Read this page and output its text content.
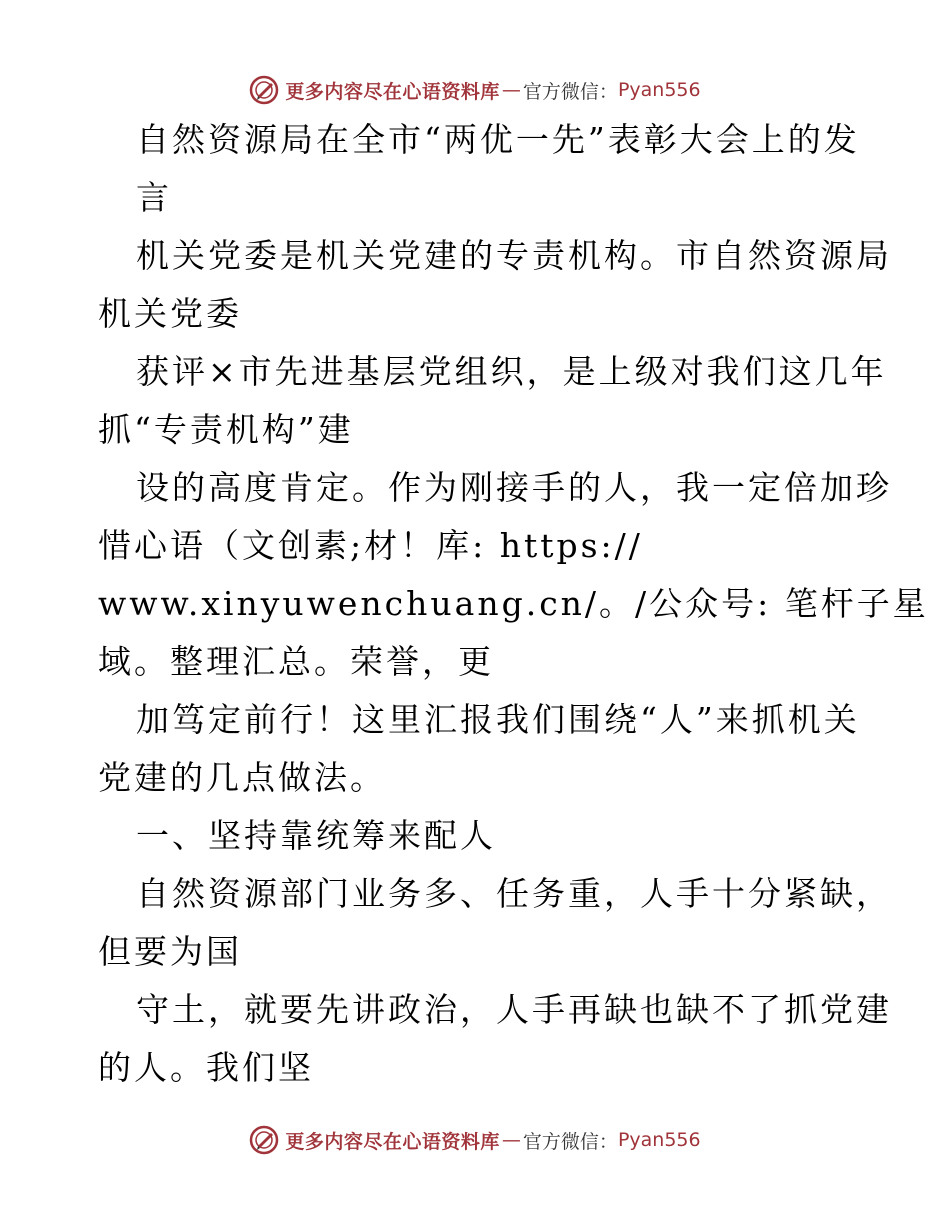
更多内容尽在心语资料库 — 官方微信： Pyan556
自然资源局在全市“两优一先”表彰大会上的发
言
机关党委是机关党建的专责机构。市自然资源局
机关党委
获评×市先进基层党组织，是上级对我们这几年
抓“专责机构”建
设的高度肯定。作为刚接手的人，我一定倍加珍
惜心语（文创素;材！库: https://
www.xinyuwenchuang.cn/。/公众号: 笔杆子星
域。整理汇总。荣誉，更
加笃定前行！这里汇报我们围绕“人”来抓机关
党建的几点做法。
一、坚持靠统筹来配人
自然资源部门业务多、任务重，人手十分紧缺，
但要为国
守土，就要先讲政治，人手再缺也缺不了抓党建
的人。我们坚
更多内容尽在心语资料库 — 官方微信： Pyan556
